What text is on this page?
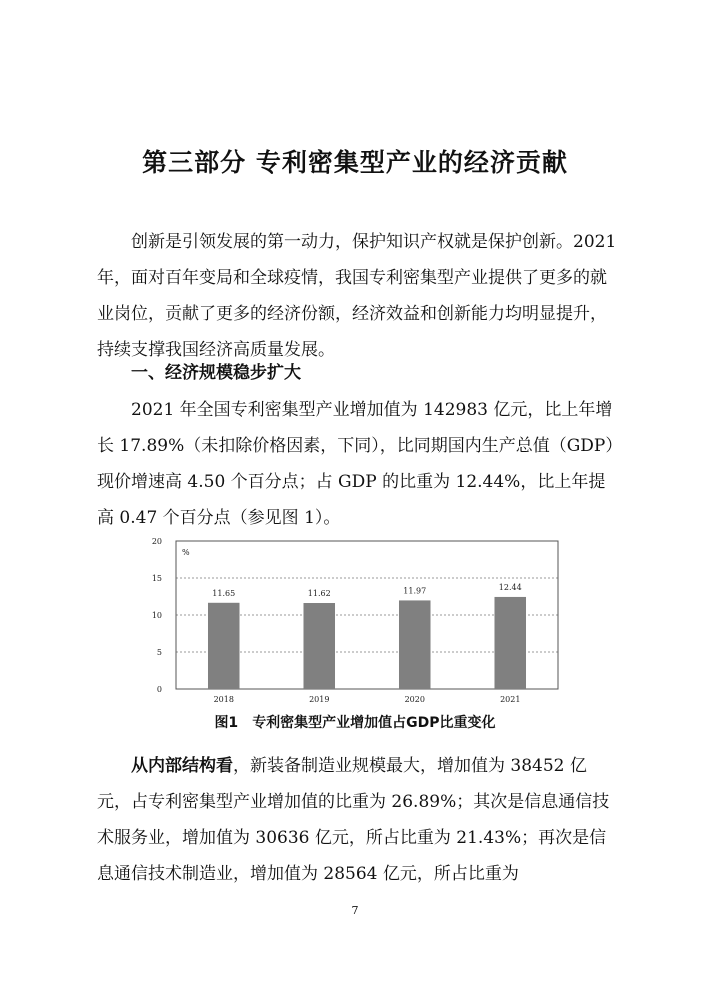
第三部分 专利密集型产业的经济贡献

创新是引领发展的第一动力，保护知识产权就是保护创新。2021年，面对百年变局和全球疫情，我国专利密集型产业提供了更多的就业岗位，贡献了更多的经济份额，经济效益和创新能力均明显提升，持续支撑我国经济高质量发展。

一、经济规模稳步扩大

2021 年全国专利密集型产业增加值为 142983 亿元，比上年增长 17.89%（未扣除价格因素，下同），比同期国内生产总值（GDP）现价增速高 4.50 个百分点；占 GDP 的比重为 12.44%，比上年提高 0.47 个百分点（参见图 1）。

0
5
10
15
20
%
11.65
2018
11.62
2019
11.97
2020
12.44
2021
图1 专利密集型产业增加值占GDP比重变化

从内部结构看，新装备制造业规模最大，增加值为 38452 亿元，占专利密集型产业增加值的比重为 26.89%；其次是信息通信技术服务业，增加值为 30636 亿元，所占比重为 21.43%；再次是信息通信技术制造业，增加值为 28564 亿元，所占比重为

7
